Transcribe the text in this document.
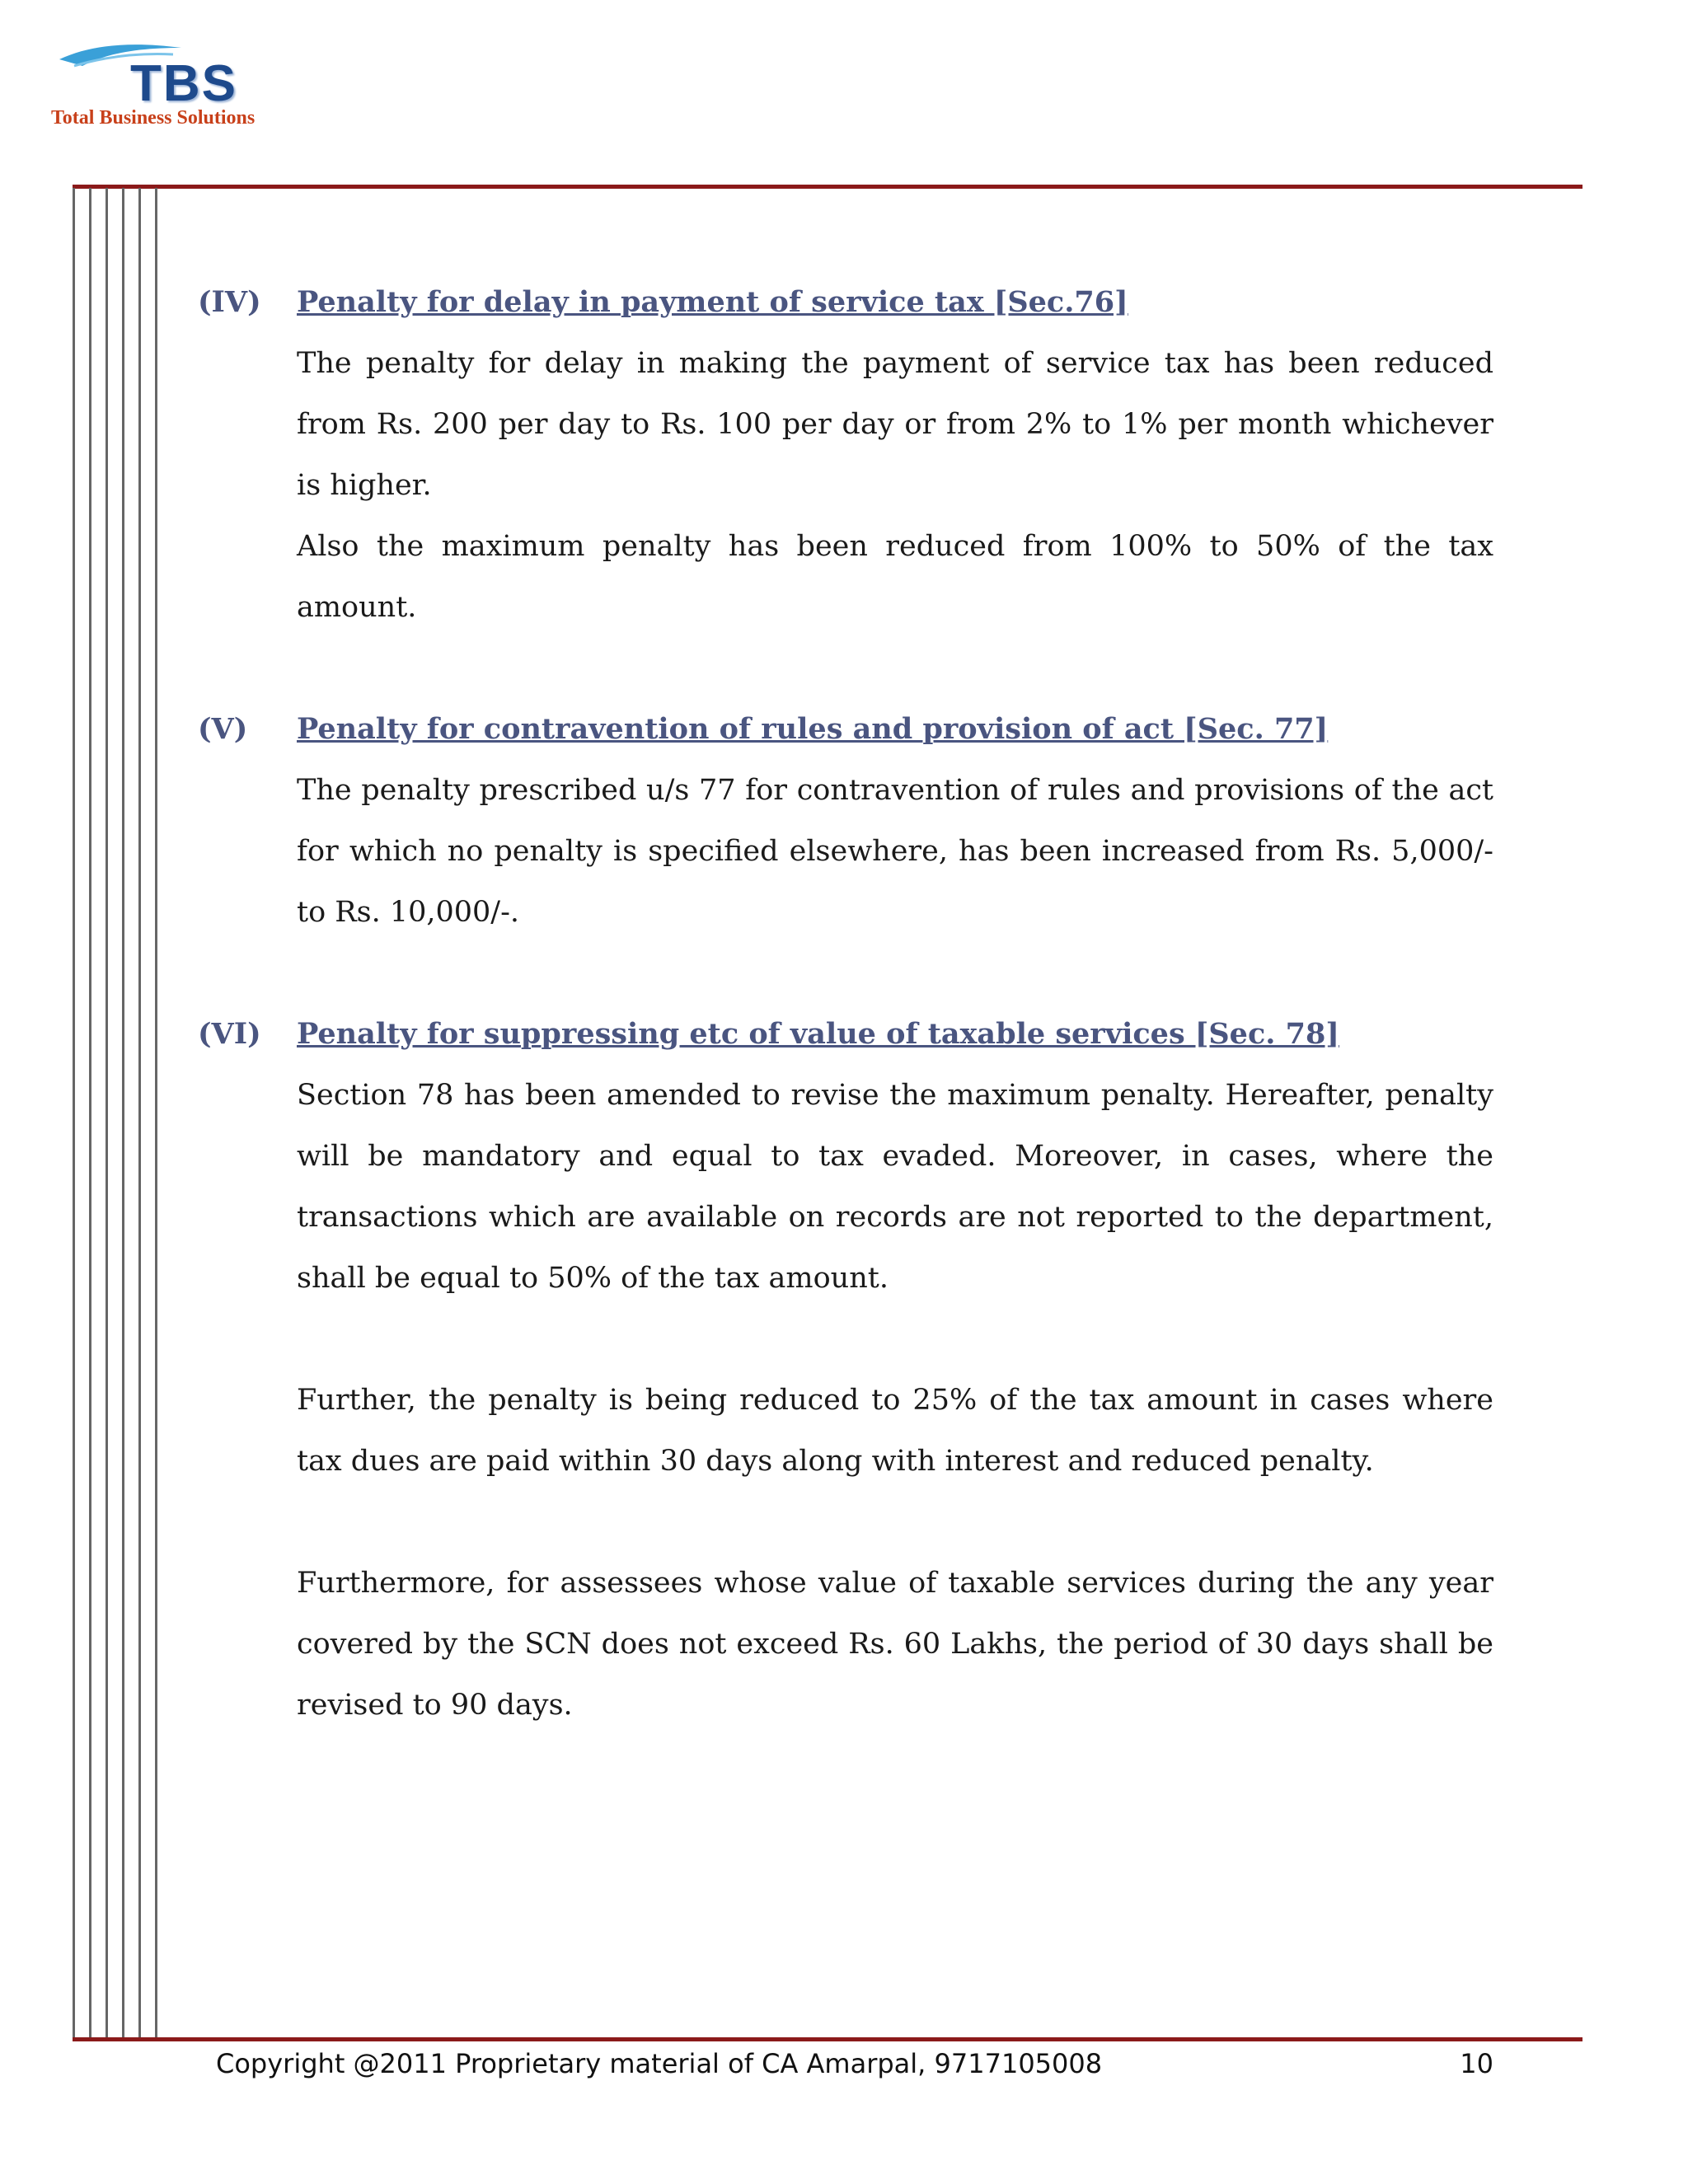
TBS
Total Business Solutions
(IV) Penalty for delay in payment of service tax [Sec.76]

The penalty for delay in making the payment of service tax has been reduced from Rs. 200 per day to Rs. 100 per day or from 2% to 1% per month whichever is higher.

Also the maximum penalty has been reduced from 100% to 50% of the tax amount.

(V) Penalty for contravention of rules and provision of act [Sec. 77]

The penalty prescribed u/s 77 for contravention of rules and provisions of the act for which no penalty is specified elsewhere, has been increased from Rs. 5,000/- to Rs. 10,000/-.

(VI) Penalty for suppressing etc of value of taxable services [Sec. 78]

Section 78 has been amended to revise the maximum penalty. Hereafter, penalty will be mandatory and equal to tax evaded. Moreover, in cases, where the transactions which are available on records are not reported to the department, shall be equal to 50% of the tax amount.

Further, the penalty is being reduced to 25% of the tax amount in cases where tax dues are paid within 30 days along with interest and reduced penalty.

Furthermore, for assessees whose value of taxable services during the any year covered by the SCN does not exceed Rs. 60 Lakhs, the period of 30 days shall be revised to 90 days.

Copyright @2011 Proprietary material of CA Amarpal, 9717105008	10
